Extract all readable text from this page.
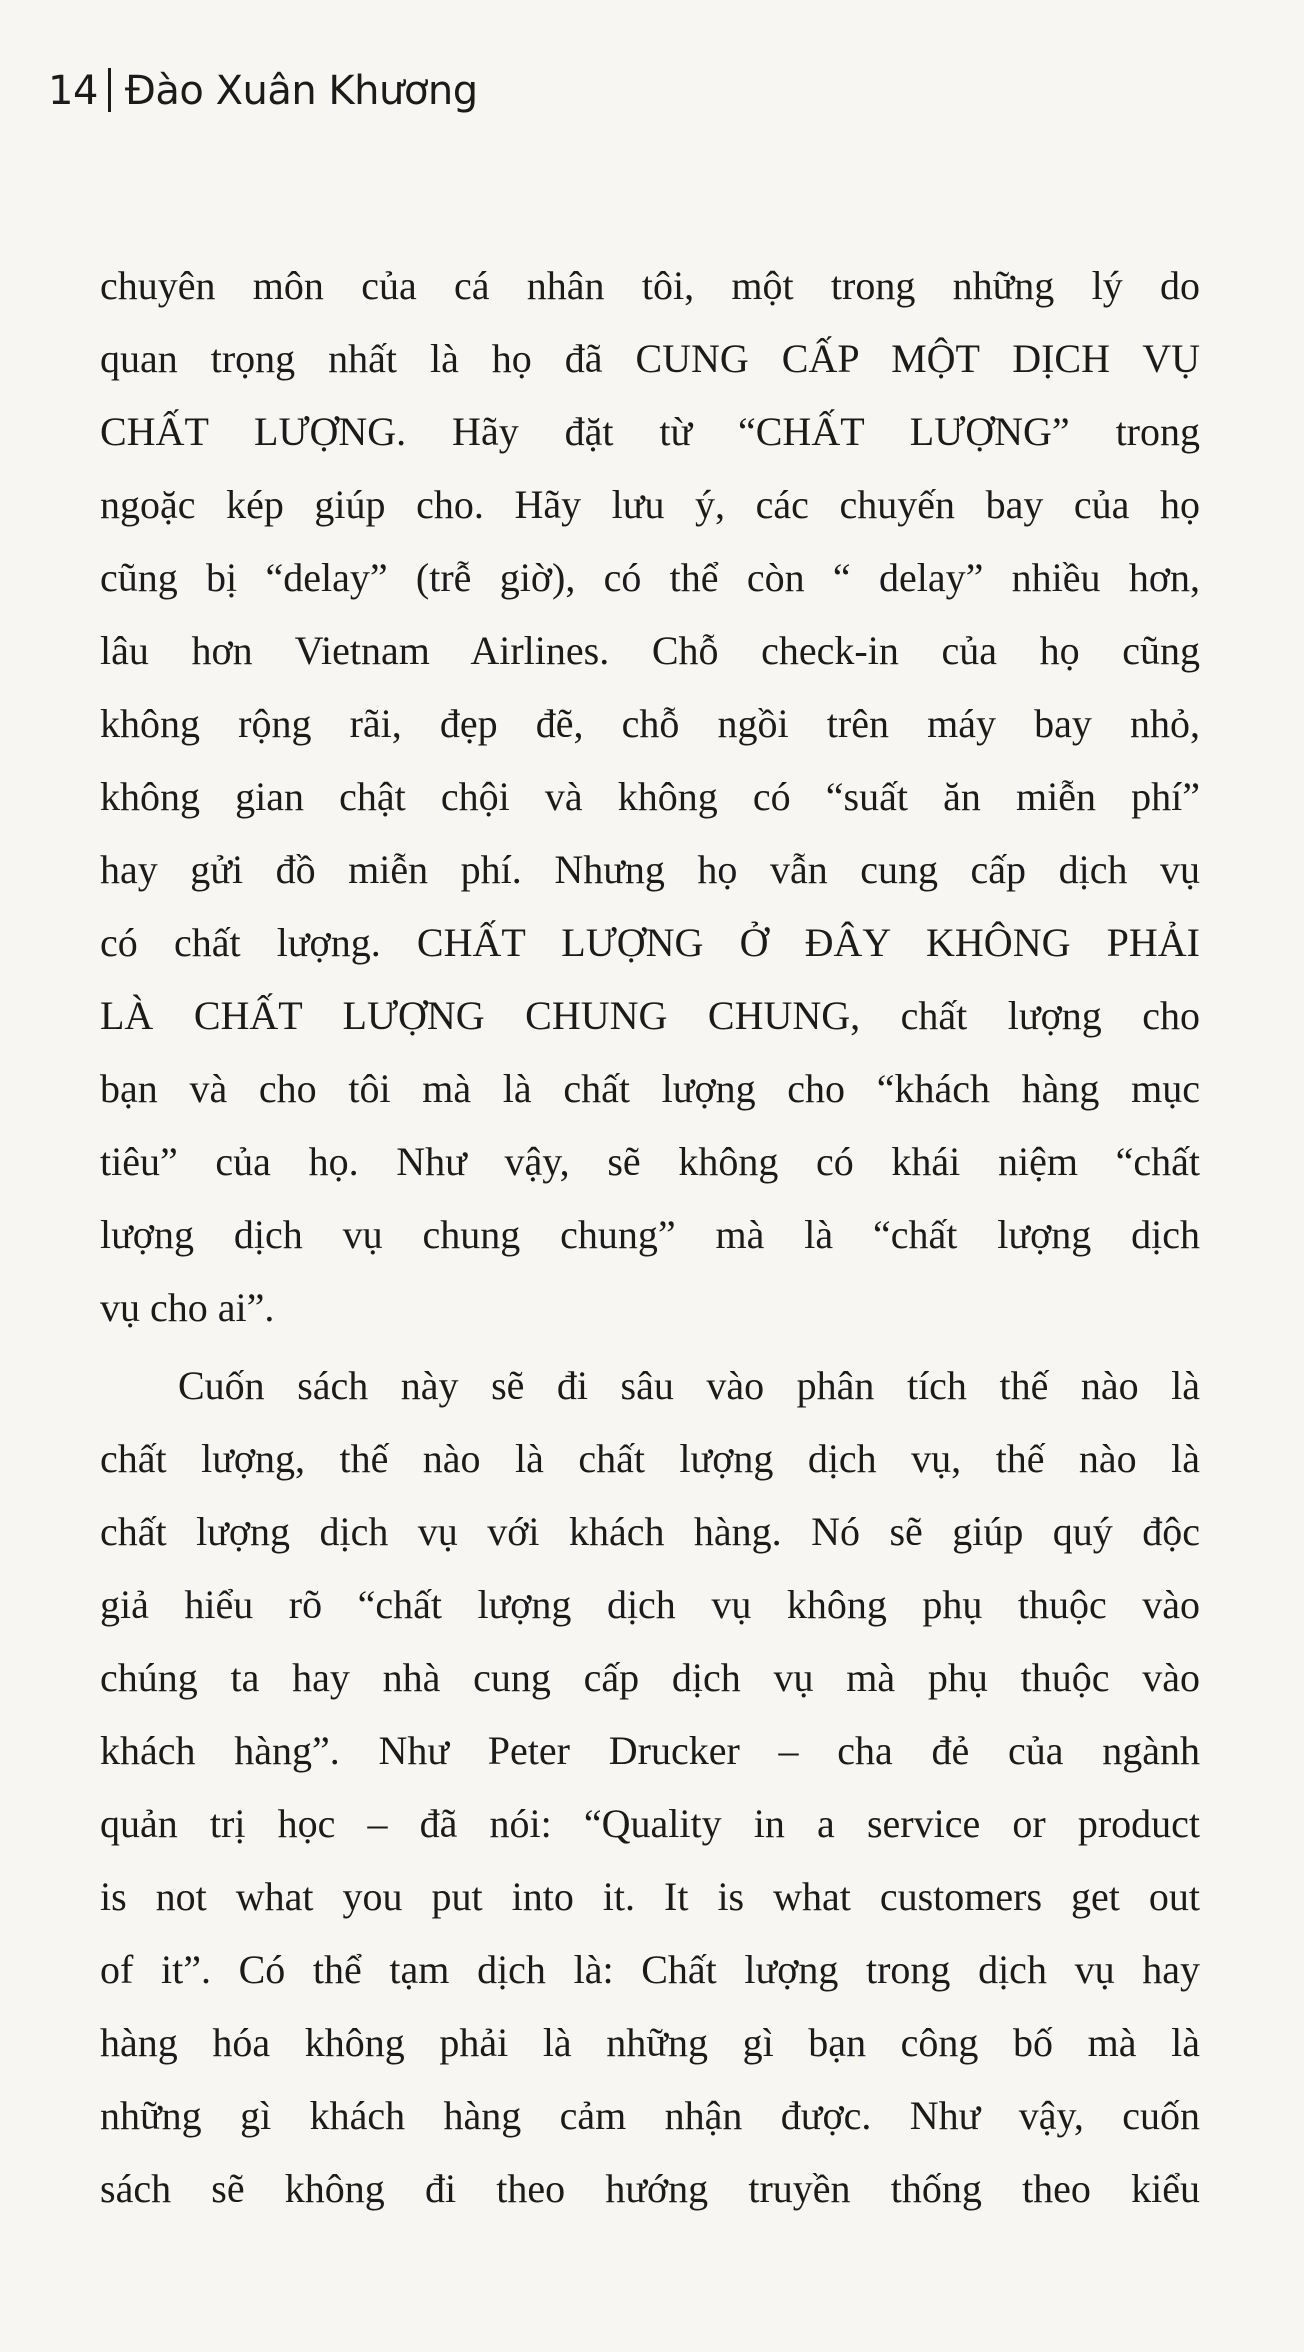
14 Đào Xuân Khương

chuyên môn của cá nhân tôi, một trong những lý do
quan trọng nhất là họ đã CUNG CẤP MỘT DỊCH VỤ
CHẤT LƯỢNG. Hãy đặt từ “CHẤT LƯỢNG” trong
ngoặc kép giúp cho. Hãy lưu ý, các chuyến bay của họ
cũng bị “delay” (trễ giờ), có thể còn “ delay” nhiều hơn,
lâu hơn Vietnam Airlines. Chỗ check-in của họ cũng
không rộng rãi, đẹp đẽ, chỗ ngồi trên máy bay nhỏ,
không gian chật chội và không có “suất ăn miễn phí”
hay gửi đồ miễn phí. Nhưng họ vẫn cung cấp dịch vụ
có chất lượng. CHẤT LƯỢNG Ở ĐÂY KHÔNG PHẢI
LÀ CHẤT LƯỢNG CHUNG CHUNG, chất lượng cho
bạn và cho tôi mà là chất lượng cho “khách hàng mục
tiêu” của họ. Như vậy, sẽ không có khái niệm “chất
lượng dịch vụ chung chung” mà là “chất lượng dịch
vụ cho ai”.

Cuốn sách này sẽ đi sâu vào phân tích thế nào là
chất lượng, thế nào là chất lượng dịch vụ, thế nào là
chất lượng dịch vụ với khách hàng. Nó sẽ giúp quý độc
giả hiểu rõ “chất lượng dịch vụ không phụ thuộc vào
chúng ta hay nhà cung cấp dịch vụ mà phụ thuộc vào
khách hàng”. Như Peter Drucker – cha đẻ của ngành
quản trị học – đã nói: “Quality in a service or product
is not what you put into it. It is what customers get out
of it”. Có thể tạm dịch là: Chất lượng trong dịch vụ hay
hàng hóa không phải là những gì bạn công bố mà là
những gì khách hàng cảm nhận được. Như vậy, cuốn
sách sẽ không đi theo hướng truyền thống theo kiểu
